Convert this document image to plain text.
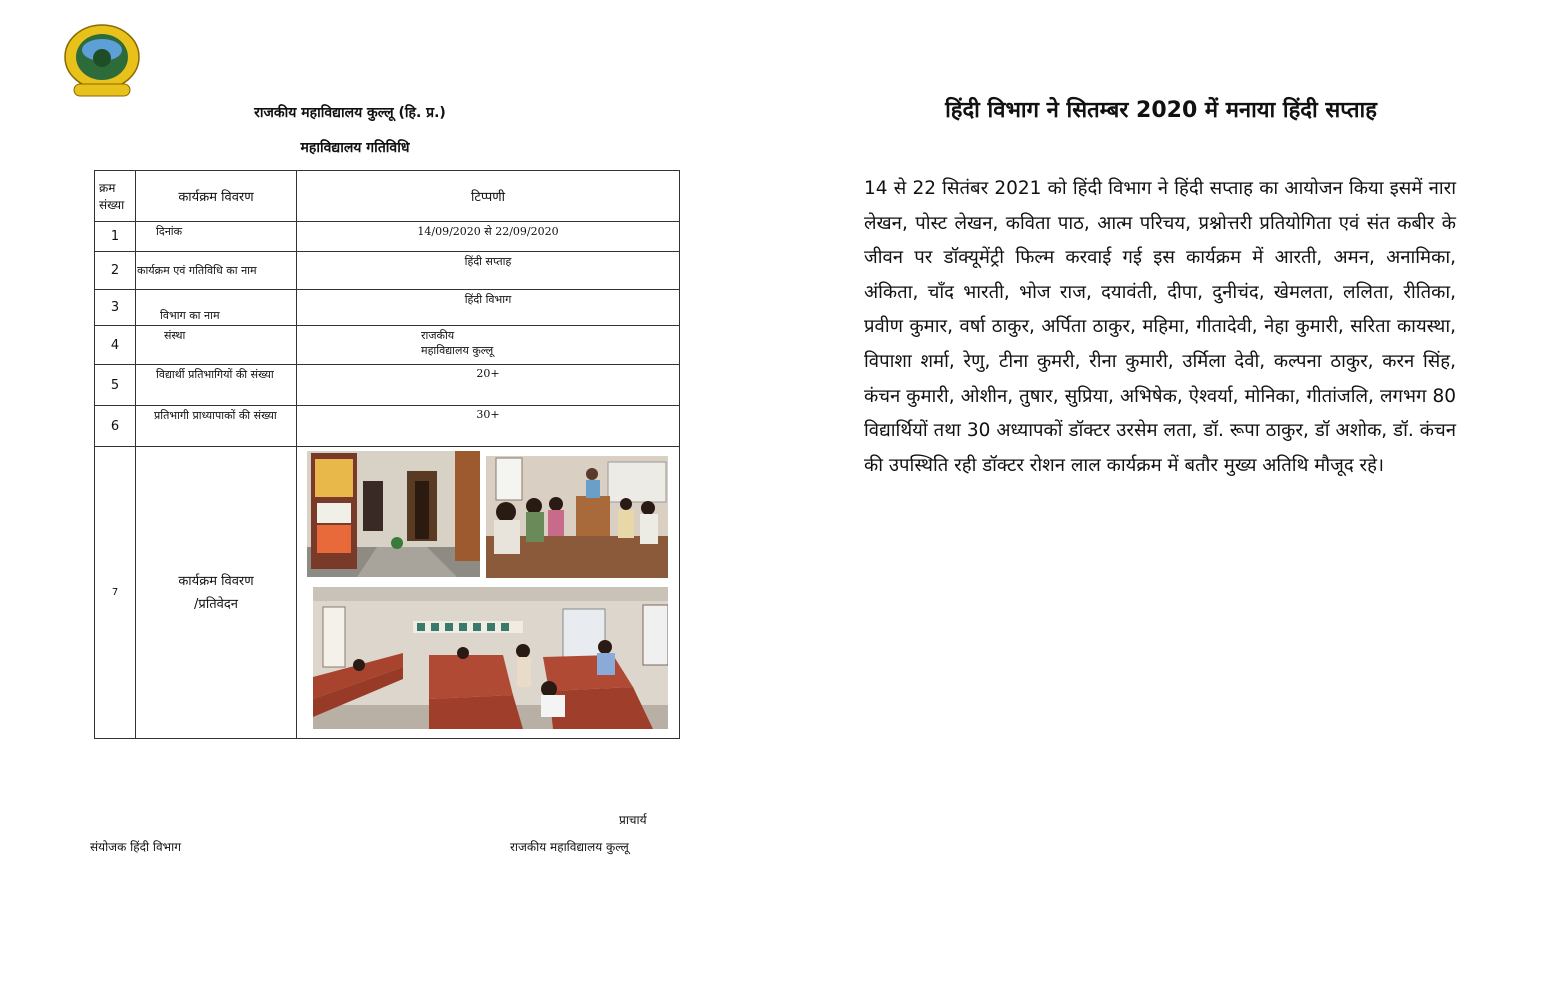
राजकीय महाविद्यालय कुल्लू (हि. प्र.)
महाविद्यालय गतिविधि
क्रम संख्या	कार्यक्रम विवरण	टिप्पणी
1	दिनांक	14/09/2020 से 22/09/2020
2	कार्यक्रम एवं गतिविधि का नाम	हिंदी सप्ताह
3	विभाग का नाम	हिंदी विभाग
4	संस्था	राजकीय
महाविद्यालय कुल्लू

5	विद्यार्थी प्रतिभागियों की संख्या	20+
6	प्रतिभागी प्राध्यापाकों की संख्या	30+
7	कार्यक्रम विवरण
/प्रतिवेदन

प्राचार्य
संयोजक हिंदी विभाग	राजकीय महाविद्यालय कुल्लू
हिंदी विभाग ने सितम्बर 2020 में मनाया हिंदी सप्ताह
14 से 22 सितंबर 2021 को हिंदी विभाग ने हिंदी सप्ताह का आयोजन किया इसमें नारा लेखन, पोस्ट लेखन, कविता पाठ, आत्म परिचय, प्रश्नोत्तरी प्रतियोगिता एवं संत कबीर के जीवन पर डॉक्यूमेंट्री फिल्म करवाई गई इस कार्यक्रम में आरती, अमन, अनामिका, अंकिता, चाँद भारती, भोज राज, दयावंती, दीपा, दुनीचंद, खेमलता, ललिता, रीतिका, प्रवीण कुमार, वर्षा ठाकुर, अर्पिता ठाकुर, महिमा, गीतादेवी, नेहा कुमारी, सरिता कायस्था, विपाशा शर्मा, रेणु, टीना कुमरी, रीना कुमारी, उर्मिला देवी, कल्पना ठाकुर, करन सिंह, कंचन कुमारी, ओशीन, तुषार, सुप्रिया, अभिषेक, ऐश्वर्या, मोनिका, गीतांजलि, लगभग 80 विद्यार्थियों तथा 30 अध्यापकों डॉक्टर उरसेम लता, डॉ. रूपा ठाकुर, डॉ अशोक, डॉ. कंचन की उपस्थिति रही डॉक्टर रोशन लाल कार्यक्रम में बतौर मुख्य अतिथि मौजूद रहे।
